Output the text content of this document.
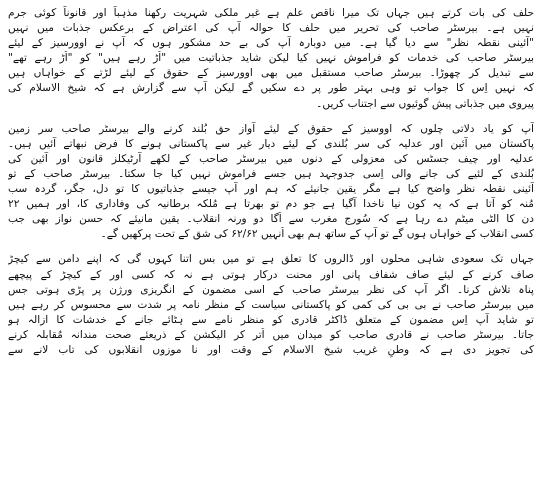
حلف کی بات کرتے ہیں جہاں تک میرا ناقص علم ہے غیر ملکی شہریت رکھنا مذہباً اور قانوناً کوئی جرم
نہیں ہے۔ بیرسٹر صاحب کی تحریر میں حلف کا حوالہ آپ کی اعتراض کے برعکس جذبات میں نہیں
"آئینی نقطہ نظر" سے دیا گیا ہے۔ میں دوبارہ آپ کی بے حد مشکور ہوں کہ آپ نے اوورسیز کے لیئے
بیرسٹر صاحب کی خدمات کو فراموش نہیں کیا لیکن شاید جذباتیت میں "اُڑ رہے ہیں" کو "اُڑ رہے تھے"
سے تبدیل کر چھوڑا۔ بیرسٹر صاحب مستقبل میں بھی اوورسیز کے حقوق کے لیئے لڑتے کے خواہاں ہیں
کہ نہیں اِس کا جواب تو وہی بہتر طور پر دے سکیں گے لیکن آپ سے گزارش ہے کہ شیخ الاسلام کی
پیروی میں جذباتی پیش گوئیوں سے اجتناب کریں۔
آپ کو یاد دلاتی چلوں کہ اووسیز کے حقوق کے لیئے آواز حق بُلند کرنے والے بیرسٹر صاحب سر زمین
پاکستان میں آئین اور عدلیہ کی سر بُلندی کے لیئے دیار غیر سے پاکستانی ہونے کا فرض نبھاتے آئیں ہیں۔
عدلیہ اور چیف جسٹس کی معزولی کے دنوں میں بیرسٹر صاحب کے لکھے آرٹیکلز قانون اور آئین کی
بُلندی کے لئیے کی جانے والی اِسی جدوجہد ہیں جسے فراموش نہیں کیا جا سکتا۔ بیرسٹر صاحب کے تو
آئینی نقطہ نظر واضح کیا ہے مگر یقین جانیئے کہ ہم اور آپ جیسے جذباتیوں کا تو دل، جگر، گردہ سب
مُنہ کو آتا ہے کہ یہ کون نیا ناخدا آگیا ہے جو دم تو بھرتا ہے مُلکہ برطانیہ کی وفاداری کا، اور ہمیں ۲۲
دن کا الٹی میٹم دے رہا ہے کہ سُورج مغرب سے اُگا دو ورنہ انقلاب۔ یقین مانیئے کہ حسن نواز بھی جب
کسی انقلاب کے خواہاں ہوں گے تو آپ کے ساتھ ہم بھی اُنہیں ۶۲/۶۲ کی شق کے تحت پرکھیں گے۔
جہاں تک سعودی شاہی محلوں اور ڈالروں کا تعلق ہے تو میں بس اتنا کہوں گی کہ اپنے دامن سے کیچڑ
صاف کرنے کے لیئے صاف شفاف پانی اور محنت درکار ہوتی ہے نہ کہ کسی اور کے کیچڑ کے پیچھے
پناہ تلاش کرنا۔ اگر آپ کی نظر بیرسٹر صاحب کے اسی مضمون کے انگریزی ورژن پر پڑی ہوتی جس
میں بیرسٹر صاحب نے بی بی کی کمی کو پاکستانی سیاست کے منظر نامہ پر شدت سے محسوس کر رہے ہیں
تو شاید آپ اِس مضمون کے متعلق ڈاکٹر قادری کو منظر نامے سے ہٹائے جانے کے خدشات کا ازالہ ہو
جاتا۔ بیرسٹر صاحب نے قادری صاحب کو میدان میں اُتر کر الیکشن کے ذریعئے صحت مندانہ مُقابلہ کرنے
کی تجویز دی ہے کہ وطنِ غریب شیخ الاسلام کے وقت اور نا موزوں انقلابوں کی تاب لانے سے
